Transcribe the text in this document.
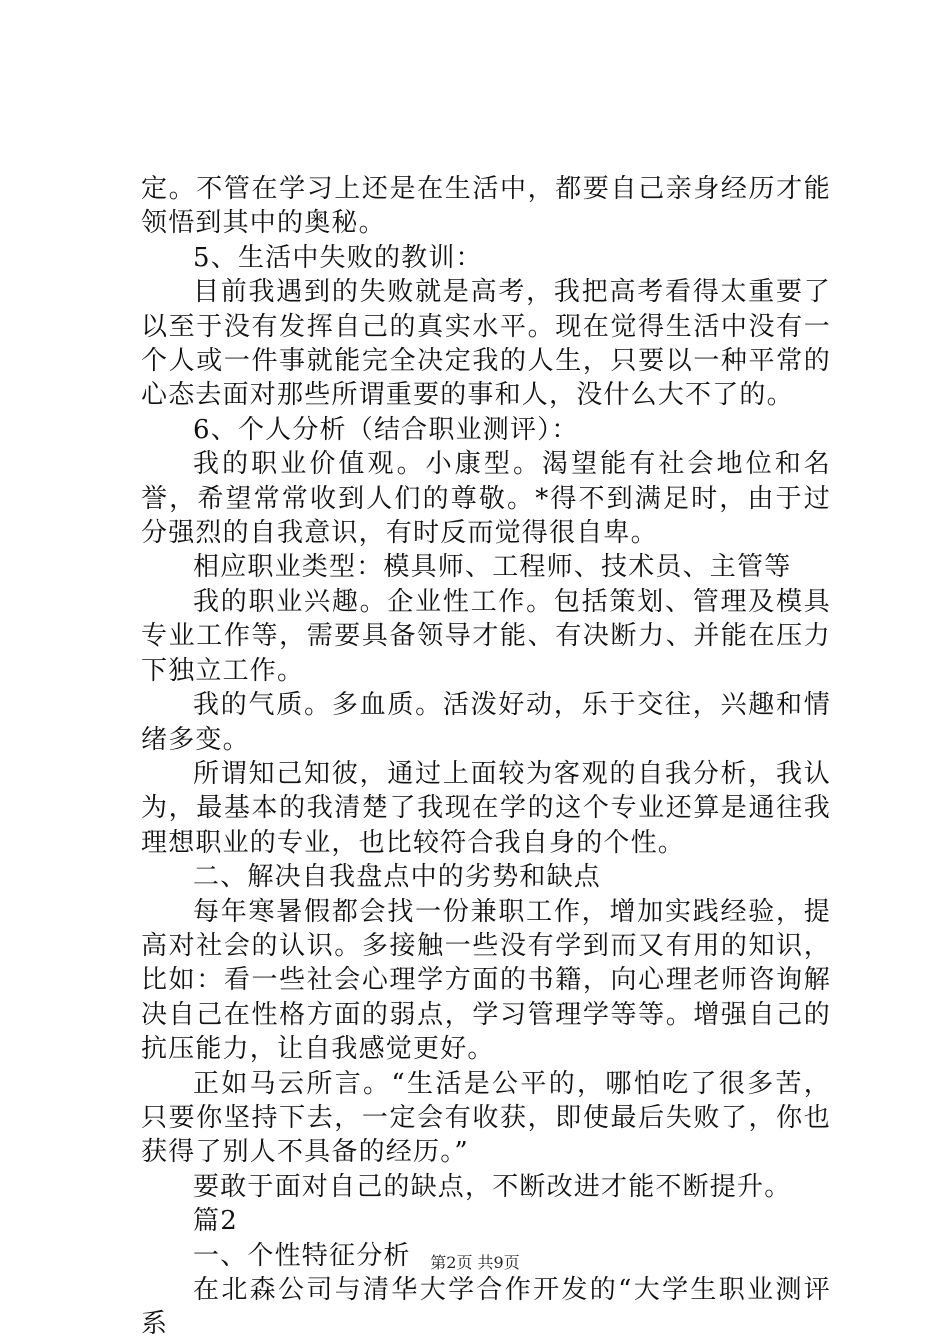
定。不管在学习上还是在生活中，都要自己亲身经历才能领悟到其中的奥秘。

5、生活中失败的教训：

目前我遇到的失败就是高考，我把高考看得太重要了以至于没有发挥自己的真实水平。现在觉得生活中没有一个人或一件事就能完全决定我的人生，只要以一种平常的心态去面对那些所谓重要的事和人，没什么大不了的。

6、个人分析（结合职业测评）：

我的职业价值观。小康型。渴望能有社会地位和名誉，希望常常收到人们的尊敬。*得不到满足时，由于过分强烈的自我意识，有时反而觉得很自卑。

相应职业类型：模具师、工程师、技术员、主管等

我的职业兴趣。企业性工作。包括策划、管理及模具专业工作等，需要具备领导才能、有决断力、并能在压力下独立工作。

我的气质。多血质。活泼好动，乐于交往，兴趣和情绪多变。

所谓知己知彼，通过上面较为客观的自我分析，我认为，最基本的我清楚了我现在学的这个专业还算是通往我理想职业的专业，也比较符合我自身的个性。

二、解决自我盘点中的劣势和缺点

每年寒暑假都会找一份兼职工作，增加实践经验，提高对社会的认识。多接触一些没有学到而又有用的知识，比如：看一些社会心理学方面的书籍，向心理老师咨询解决自己在性格方面的弱点，学习管理学等等。增强自己的抗压能力，让自我感觉更好。

正如马云所言。“生活是公平的，哪怕吃了很多苦，只要你坚持下去，一定会有收获，即使最后失败了，你也获得了别人不具备的经历。”

要敢于面对自己的缺点，不断改进才能不断提升。

篇2

一、个性特征分析

在北森公司与清华大学合作开发的“大学生职业测评系

第2页 共9页
